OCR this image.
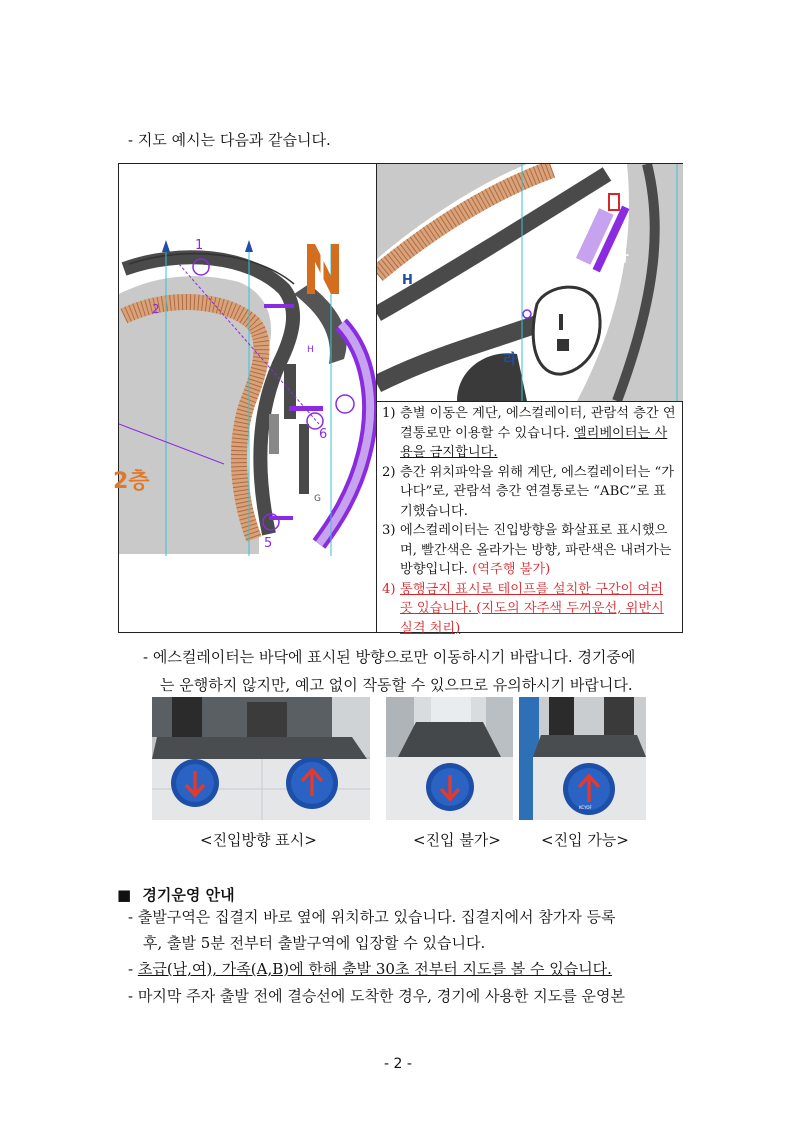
- 지도 예시는 다음과 같습니다.
1
2
H
6
G
5
2층
H
라
마
1) 층별 이동은 계단, 에스컬레이터, 관람석 층간 연결통로만 이용할 수 있습니다. 엘리베이터는 사용을 금지합니다.
2) 층간 위치파악을 위해 계단, 에스컬레이터는 “가나다”로, 관람석 층간 연결통로는 “ABC”로 표기했습니다.
3) 에스컬레이터는 진입방향을 화살표로 표시했으며, 빨간색은 올라가는 방향, 파란색은 내려가는 방향입니다. (역주행 불가)
4) 통행금지 표시로 테이프를 설치한 구간이 여러 곳 있습니다. (지도의 자주색 두꺼운선, 위반시 실격 처리)
- 에스컬레이터는 바닥에 표시된 방향으로만 이동하시기 바랍니다. 경기중에
는 운행하지 않지만, 예고 없이 작동할 수 있으므로 유의하시기 바랍니다.
KCYOF
<진입방향 표시>	<진입 불가>	<진입 가능>
■ 경기운영 안내
- 출발구역은 집결지 바로 옆에 위치하고 있습니다. 집결지에서 참가자 등록
후, 출발 5분 전부터 출발구역에 입장할 수 있습니다.
- 초급(남,여), 가족(A,B)에 한해 출발 30초 전부터 지도를 볼 수 있습니다.
- 마지막 주자 출발 전에 결승선에 도착한 경우, 경기에 사용한 지도를 운영본
- 2 -
